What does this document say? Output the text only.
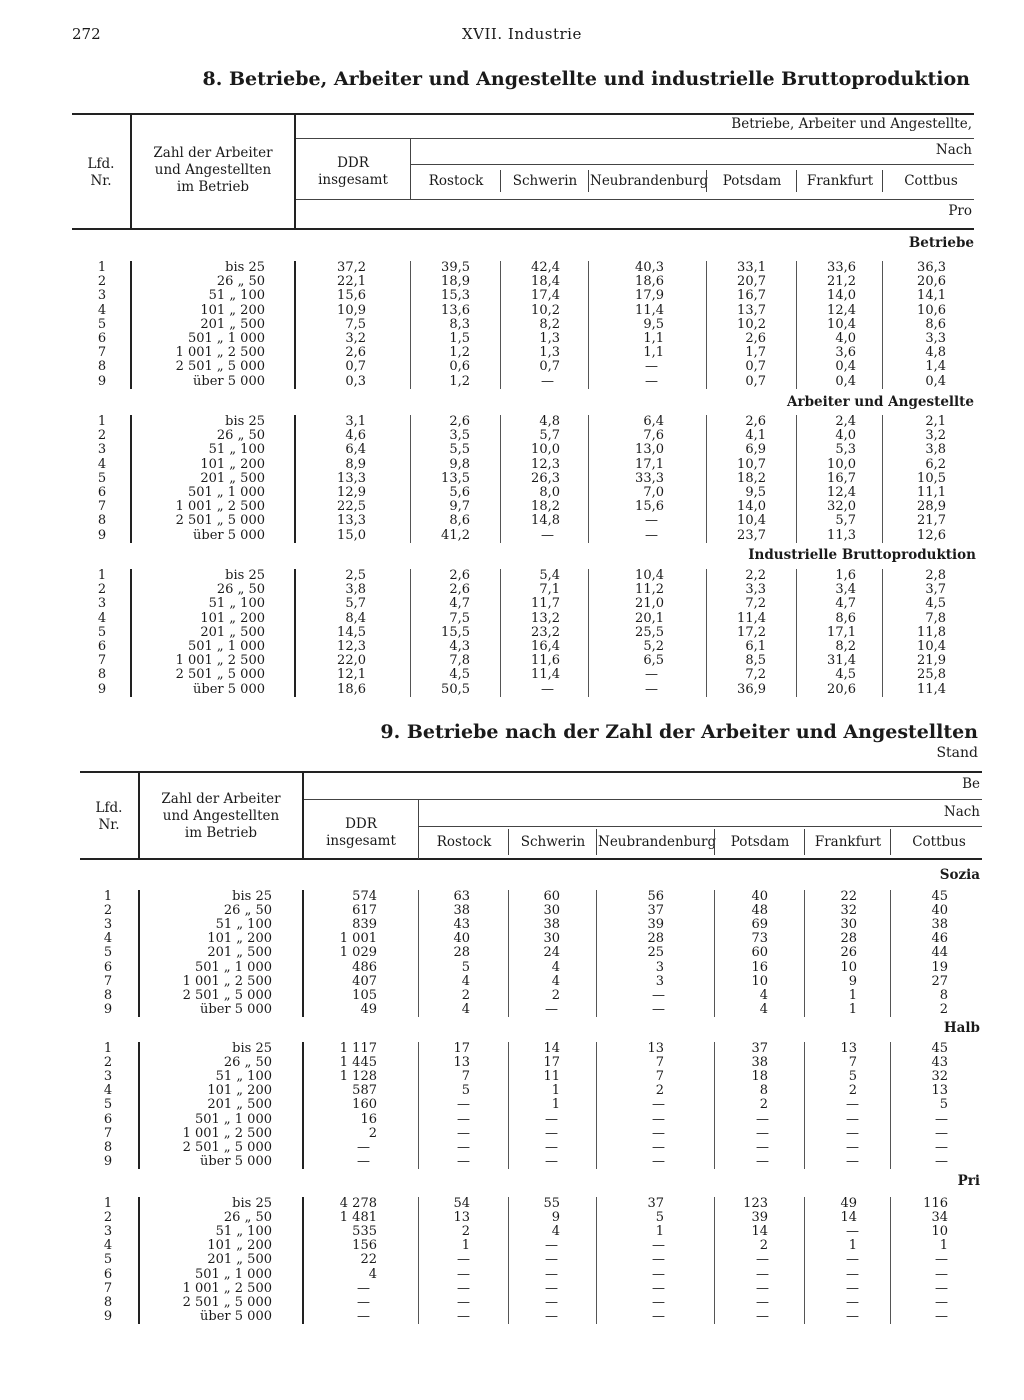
272	XVII. Industrie
8. Betriebe, Arbeiter und Angestellte und industrielle Bruttoproduktion
Lfd.
Nr.
Zahl der Arbeiter
und Angestellten
im Betrieb
DDR
insgesamt
Betriebe, Arbeiter und Angestellte,
Nach
Pro
Rostock	Schwerin Neubrandenburg	Potsdam	Frankfurt	Cottbus
Betriebe
Arbeiter und Angestellte
Industrielle Bruttoproduktion
1	bis 25	37,2	39,5	42,4	40,3	33,1	33,6	36,3
2	26 „ 50	22,1	18,9	18,4	18,6	20,7	21,2	20,6
3	51 „ 100	15,6	15,3	17,4	17,9	16,7	14,0	14,1
4	101 „ 200	10,9	13,6	10,2	11,4	13,7	12,4	10,6
5	201 „ 500	7,5	8,3	8,2	9,5	10,2	10,4	8,6
6	501 „ 1 000	3,2	1,5	1,3	1,1	2,6	4,0	3,3
7	1 001 „ 2 500	2,6	1,2	1,3	1,1	1,7	3,6	4,8
8	2 501 „ 5 000	0,7	0,6	0,7	—	0,7	0,4	1,4
9	über 5 000	0,3	1,2	—	—	0,7	0,4	0,4
1	bis 25	3,1	2,6	4,8	6,4	2,6	2,4	2,1
2	26 „ 50	4,6	3,5	5,7	7,6	4,1	4,0	3,2
3	51 „ 100	6,4	5,5	10,0	13,0	6,9	5,3	3,8
4	101 „ 200	8,9	9,8	12,3	17,1	10,7	10,0	6,2
5	201 „ 500	13,3	13,5	26,3	33,3	18,2	16,7	10,5
6	501 „ 1 000	12,9	5,6	8,0	7,0	9,5	12,4	11,1
7	1 001 „ 2 500	22,5	9,7	18,2	15,6	14,0	32,0	28,9
8	2 501 „ 5 000	13,3	8,6	14,8	—	10,4	5,7	21,7
9	über 5 000	15,0	41,2	—	—	23,7	11,3	12,6
1	bis 25	2,5	2,6	5,4	10,4	2,2	1,6	2,8
2	26 „ 50	3,8	2,6	7,1	11,2	3,3	3,4	3,7
3	51 „ 100	5,7	4,7	11,7	21,0	7,2	4,7	4,5
4	101 „ 200	8,4	7,5	13,2	20,1	11,4	8,6	7,8
5	201 „ 500	14,5	15,5	23,2	25,5	17,2	17,1	11,8
6	501 „ 1 000	12,3	4,3	16,4	5,2	6,1	8,2	10,4
7	1 001 „ 2 500	22,0	7,8	11,6	6,5	8,5	31,4	21,9
8	2 501 „ 5 000	12,1	4,5	11,4	—	7,2	4,5	25,8
9	über 5 000	18,6	50,5	—	—	36,9	20,6	11,4
9. Betriebe nach der Zahl der Arbeiter und Angestellten
Stand
Lfd.
Nr.
Zahl der Arbeiter
und Angestellten
im Betrieb
DDR
insgesamt
Be
Nach
Rostock	Schwerin Neubrandenburg	Potsdam	Frankfurt	Cottbus
Sozia
Halb
Pri
1	bis 25	574	63	60	56	40	22	45
2	26 „ 50	617	38	30	37	48	32	40
3	51 „ 100	839	43	38	39	69	30	38
4	101 „ 200	1 001	40	30	28	73	28	46
5	201 „ 500	1 029	28	24	25	60	26	44
6	501 „ 1 000	486	5	4	3	16	10	19
7	1 001 „ 2 500	407	4	4	3	10	9	27
8	2 501 „ 5 000	105	2	2	—	4	1	8
9	über 5 000	49	4	—	—	4	1	2
1	bis 25	1 117	17	14	13	37	13	45
2	26 „ 50	1 445	13	17	7	38	7	43
3	51 „ 100	1 128	7	11	7	18	5	32
4	101 „ 200	587	5	1	2	8	2	13
5	201 „ 500	160	—	1	—	2	—	5
6	501 „ 1 000	16	—	—	—	—	—	—
7	1 001 „ 2 500	2	—	—	—	—	—	—
8	2 501 „ 5 000	—	—	—	—	—	—	—
9	über 5 000	—	—	—	—	—	—	—
1	bis 25	4 278	54	55	37	123	49	116
2	26 „ 50	1 481	13	9	5	39	14	34
3	51 „ 100	535	2	4	1	14	—	10
4	101 „ 200	156	1	—	—	2	1	1
5	201 „ 500	22	—	—	—	—	—	—
6	501 „ 1 000	4	—	—	—	—	—	—
7	1 001 „ 2 500	—	—	—	—	—	—	—
8	2 501 „ 5 000	—	—	—	—	—	—	—
9	über 5 000	—	—	—	—	—	—	—
